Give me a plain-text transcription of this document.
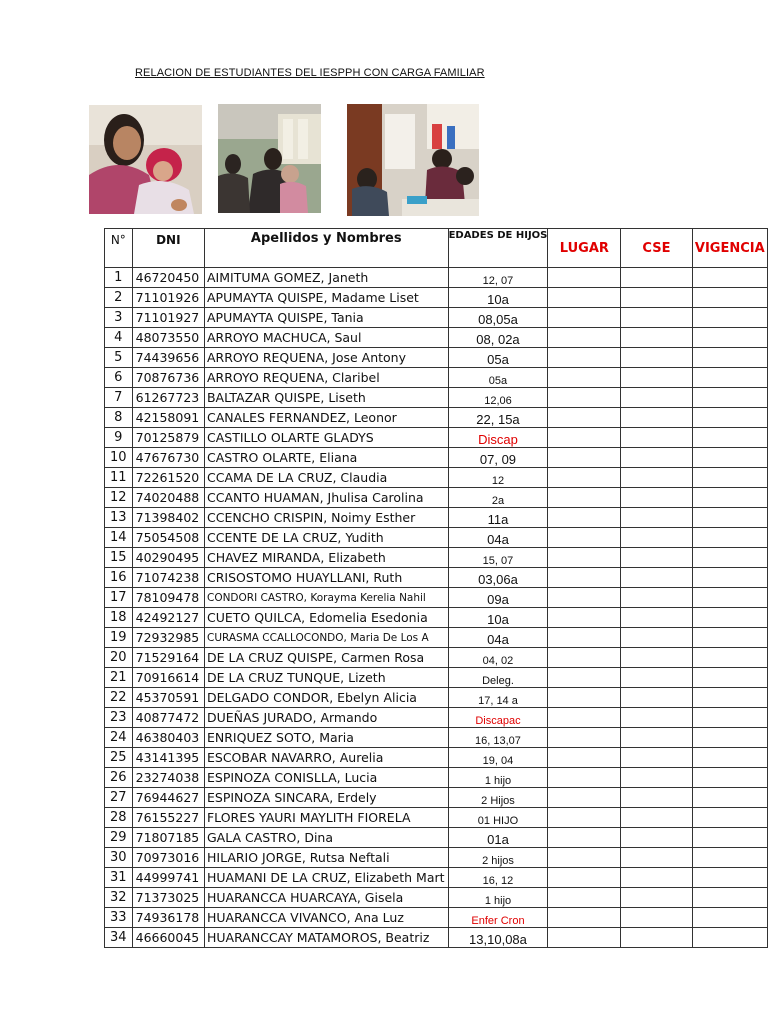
RELACION DE ESTUDIANTES DEL IESPPH CON CARGA FAMILIAR
N°	DNI	Apellidos y Nombres	EDADES DE HIJOS	LUGAR	CSE	VIGENCIA
1	46720450	AIMITUMA GOMEZ, Janeth	12, 07			
2	71101926	APUMAYTA QUISPE, Madame Liset	10a			
3	71101927	APUMAYTA QUISPE, Tania	08,05a			
4	48073550	ARROYO MACHUCA, Saul	08, 02a			
5	74439656	ARROYO REQUENA, Jose Antony	05a			
6	70876736	ARROYO REQUENA, Claribel	05a			
7	61267723	BALTAZAR QUISPE, Liseth	12,06			
8	42158091	CANALES FERNANDEZ, Leonor	22, 15a			
9	70125879	CASTILLO OLARTE GLADYS	Discap			
10	47676730	CASTRO OLARTE, Eliana	07, 09			
11	72261520	CCAMA DE LA CRUZ, Claudia	12			
12	74020488	CCANTO HUAMAN, Jhulisa Carolina	2a			
13	71398402	CCENCHO CRISPIN, Noimy Esther	11a			
14	75054508	CCENTE DE LA CRUZ, Yudith	04a			
15	40290495	CHAVEZ MIRANDA, Elizabeth	15, 07			
16	71074238	CRISOSTOMO HUAYLLANI, Ruth	03,06a			
17	78109478	CONDORI CASTRO, Korayma Kerelia Nahil	09a			
18	42492127	CUETO QUILCA, Edomelia Esedonia	10a			
19	72932985	CURASMA CCALLOCONDO, Maria De Los A	04a			
20	71529164	DE LA CRUZ QUISPE, Carmen Rosa	04, 02			
21	70916614	DE LA CRUZ TUNQUE, Lizeth	Deleg.			
22	45370591	DELGADO CONDOR, Ebelyn Alicia	17, 14 a			
23	40877472	DUEÑAS JURADO, Armando	Discapac			
24	46380403	ENRIQUEZ SOTO, Maria	16, 13,07			
25	43141395	ESCOBAR NAVARRO, Aurelia	19, 04			
26	23274038	ESPINOZA CONISLLA, Lucia	1 hijo			
27	76944627	ESPINOZA SINCARA, Erdely	2 Hijos			
28	76155227	FLORES YAURI MAYLITH FIORELA	01 HIJO			
29	71807185	GALA CASTRO, Dina	01a			
30	70973016	HILARIO JORGE, Rutsa Neftali	2 hijos			
31	44999741	HUAMANI DE LA CRUZ, Elizabeth Mart	16, 12			
32	71373025	HUARANCCA HUARCAYA, Gisela	1 hijo			
33	74936178	HUARANCCA VIVANCO, Ana Luz	Enfer Cron			
34	46660045	HUARANCCAY MATAMOROS, Beatriz	13,10,08a			
